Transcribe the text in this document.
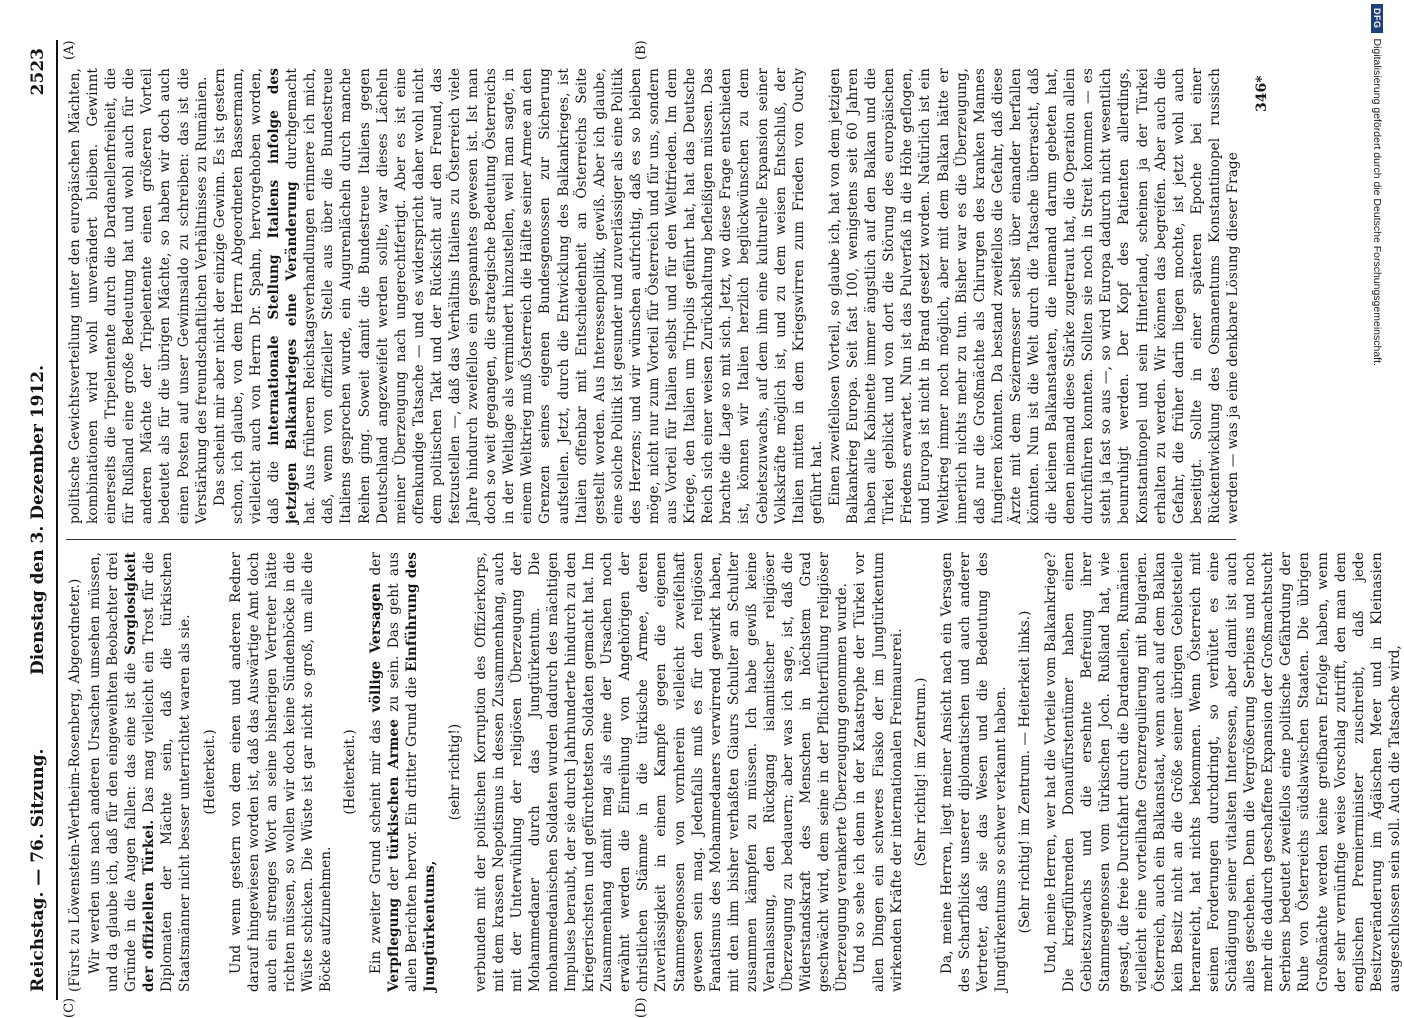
Reichstag. — 76. Sitzung.
Dienstag den 3. Dezember 1912.
2523
(C)	(D)
(A)	(B)

(Fürst zu Löwenstein-Wertheim-Rosenberg, Abgeordneter.) Wir werden uns nach anderen Ursachen umsehen müssen, und da glaube ich, daß für den eingeweihten Beobachter drei Gründe in die Augen fallen: das eine ist die Sorglosigkeit der offiziellen Türkei. Das mag vielleicht ein Trost für die Diplomaten der Mächte sein, daß die türkischen Staatsmänner nicht besser unterrichtet waren als sie. (Heiterkeit.) Und wenn gestern von dem einen und anderen Redner darauf hingewiesen worden ist, daß das Auswärtige Amt doch auch ein strenges Wort an seine bisherigen Vertreter hätte richten müssen, so wollen wir doch keine Sündenböcke in die Wüste schicken. Die Wüste ist gar nicht so groß, um alle die Böcke aufzunehmen.

(Heiterkeit.) Ein zweiter Grund scheint mir das völlige Versagen der Verpflegung der türkischen Armee zu sein. Das geht aus allen Berichten hervor. Ein dritter Grund die Einführung des Jungtürkentums,

(sehr richtig!) verbunden mit der politischen Korruption des Offizierkorps, mit dem krassen Nepotismus in dessen Zusammenhang, auch mit der Unterwühlung der religiösen Überzeugung der Mohammedaner durch das Jungtürkentum. Die mohammedanischen Soldaten wurden dadurch des mächtigen Impulses beraubt, der sie durch Jahrhunderte hindurch zu den kriegerischsten und gefürchtetsten Soldaten gemacht hat. Im Zusammenhang damit mag als eine der Ursachen noch erwähnt werden die Einreihung von Angehörigen der christlichen Stämme in die türkische Armee, deren Zuverlässigkeit in einem Kampfe gegen die eigenen Stammesgenossen von vornherein vielleicht zweifelhaft gewesen sein mag. Jedenfalls muß es für den religiösen Fanatismus des Mohammedaners verwirrend gewirkt haben, mit den ihm bisher verhaßten Giaurs Schulter an Schulter zusammen kämpfen zu müssen. Ich habe gewiß keine Veranlassung, den Rückgang islamitischer religiöser Überzeugung zu bedauern; aber was ich sage, ist, daß die Widerstandskraft des Menschen in höchstem Grad geschwächt wird, dem seine in der Pflichterfüllung religiöser Überzeugung verankerte Überzeugung genommen wurde. Und so sehe ich denn in der Katastrophe der Türkei vor allen Dingen ein schweres Fiasko der im Jungtürkentum wirkenden Kräfte der internationalen Freimaurerei. (Sehr richtig! im Zentrum.) Da, meine Herren, liegt meiner Ansicht nach ein Versagen des Scharfblicks unserer diplomatischen und auch anderer Vertreter, daß sie das Wesen und die Bedeutung des Jungtürkentums so schwer verkannt haben. (Sehr richtig! im Zentrum. — Heiterkeit links.) Und, meine Herren, wer hat die Vorteile vom Balkankriege? Die kriegführenden Donaufürstentümer haben einen Gebietszuwachs und die ersehnte Befreiung ihrer Stammesgenossen vom türkischen Joch. Rußland hat, wie gesagt, die freie Durchfahrt durch die Dardanellen, Rumänien vielleicht eine vorteilhafte Grenzregulierung mit Bulgarien. Österreich, auch ein Balkanstaat, wenn auch auf dem Balkan kein Besitz nicht an die Größe seiner übrigen Gebietsteile heranreicht, hat nichts bekommen. Wenn Österreich mit seinen Forderungen durchdringt, so verhütet es eine Schädigung seiner vitalsten Interessen, aber damit ist auch alles geschehen. Denn die Vergrößerung Serbiens und noch mehr die dadurch geschaffene Expansion der Großmachtsucht Serbiens bedeutet zweifellos eine politische Gefährdung der Ruhe von Österreichs südslawischen Staaten. Die übrigen Großmächte werden keine greifbaren Erfolge haben, wenn der sehr vernünftige weise Vorschlag zutrifft, den man dem englischen Premierminister zuschreibt, daß jede Besitzveränderung im Ägäischen Meer und in Kleinasien ausgeschlossen sein soll. Auch die Tatsache wird,

politische Gewichtsverteilung unter den europäischen Mächten, kombinationen wird wohl unverändert bleiben. Gewinnt einerseits die Tripelentente durch die Dardanellenfreiheit, die für Rußland eine große Bedeutung hat und wohl auch für die anderen Mächte der Tripelentente einen größeren Vorteil bedeutet als für die übrigen Mächte, so haben wir doch auch einen Posten auf unser Gewinnsaldo zu schreiben: das ist die Verstärkung des freundschaftlichen Verhältnisses zu Rumänien. Das scheint mir aber nicht der einzige Gewinn. Es ist gestern schon, ich glaube, von dem Herrn Abgeordneten Bassermann, vielleicht auch von Herrn Dr. Spahn, hervorgehoben worden, daß die internationale Stellung Italiens infolge des jetzigen Balkankrieges eine Veränderung durchgemacht hat. Aus früheren Reichstagsverhandlungen erinnere ich mich, daß, wenn von offizieller Stelle aus über die Bundestreue Italiens gesprochen wurde, ein Augurenlächeln durch manche Reihen ging. Soweit damit die Bundestreue Italiens gegen Deutschland angezweifelt werden sollte, war dieses Lächeln meiner Überzeugung nach ungerechtfertigt. Aber es ist eine offenkundige Tatsache — und es widerspricht daher wohl nicht dem politischen Takt und der Rücksicht auf den Freund, das festzustellen —, daß das Verhältnis Italiens zu Österreich viele Jahre hindurch zweifellos ein gespanntes gewesen ist. Ist man doch so weit gegangen, die strategische Bedeutung Österreichs in der Weltlage als vermindert hinzustellen, weil man sagte, in einem Weltkrieg muß Österreich die Hälfte seiner Armee an den Grenzen seines eigenen Bundesgenossen zur Sicherung aufstellen. Jetzt, durch die Entwicklung des Balkankrieges, ist Italien offenbar mit Entschiedenheit an Österreichs Seite gestellt worden. Aus Interessenpolitik, gewiß. Aber ich glaube, eine solche Politik ist gesunder und zuverlässiger als eine Politik des Herzens; und wir wünschen aufrichtig, daß es so bleiben möge, nicht nur zum Vorteil für Österreich und für uns, sondern aus Vorteil für Italien selbst und für den Weltfrieden. Im dem Kriege, den Italien um Tripolis geführt hat, hat das Deutsche Reich sich einer weisen Zurückhaltung befleißigen müssen. Das brachte die Lage so mit sich. Jetzt, wo diese Frage entschieden ist, können wir Italien herzlich beglückwünschen zu dem Gebietszuwachs, auf dem ihm eine kulturelle Expansion seiner Volkskräfte möglich ist, und zu dem weisen Entschluß, der Italien mitten in dem Kriegswirren zum Frieden von Ouchy geführt hat. Einen zweifellosen Vorteil, so glaube ich, hat von dem jetzigen Balkankrieg Europa. Seit fast 100, wenigstens seit 60 Jahren haben alle Kabinette immer ängstlich auf den Balkan und die Türkei geblickt und von dort die Störung des europäischen Friedens erwartet. Nun ist das Pulverfaß in die Höhe geflogen, und Europa ist nicht in Brand gesetzt worden. Natürlich ist ein Weltkrieg immer noch möglich, aber mit dem Balkan hätte er innerlich nichts mehr zu tun. Bisher war es die Überzeugung, daß nur die Großmächte als Chirurgen des kranken Mannes fungieren könnten. Da bestand zweifellos die Gefahr, daß diese Ärzte mit dem Seziermesser selbst über einander herfallen könnten. Nun ist die Welt durch die Tatsache überrascht, daß die kleinen Balkanstaaten, die niemand darum gebeten hat, denen niemand diese Stärke zugetraut hat, die Operation allein durchführen konnten. Sollten sie noch in Streit kommen — es steht ja fast so aus —, so wird Europa dadurch nicht wesentlich beunruhigt werden. Der Kopf des Patienten allerdings, Konstantinopel und sein Hinterland, scheinen ja der Türkei erhalten zu werden. Wir können das begreifen. Aber auch die Gefahr, die früher darin liegen mochte, ist jetzt wohl auch beseitigt. Sollte in einer späteren Epoche bei einer Rückentwicklung des Osmanentums Konstantinopel russisch werden — was ja eine denkbare Lösung dieser Frage

346*
DFG
Digitalisierung gefördert durch die Deutsche Forschungsgemeinschaft.
